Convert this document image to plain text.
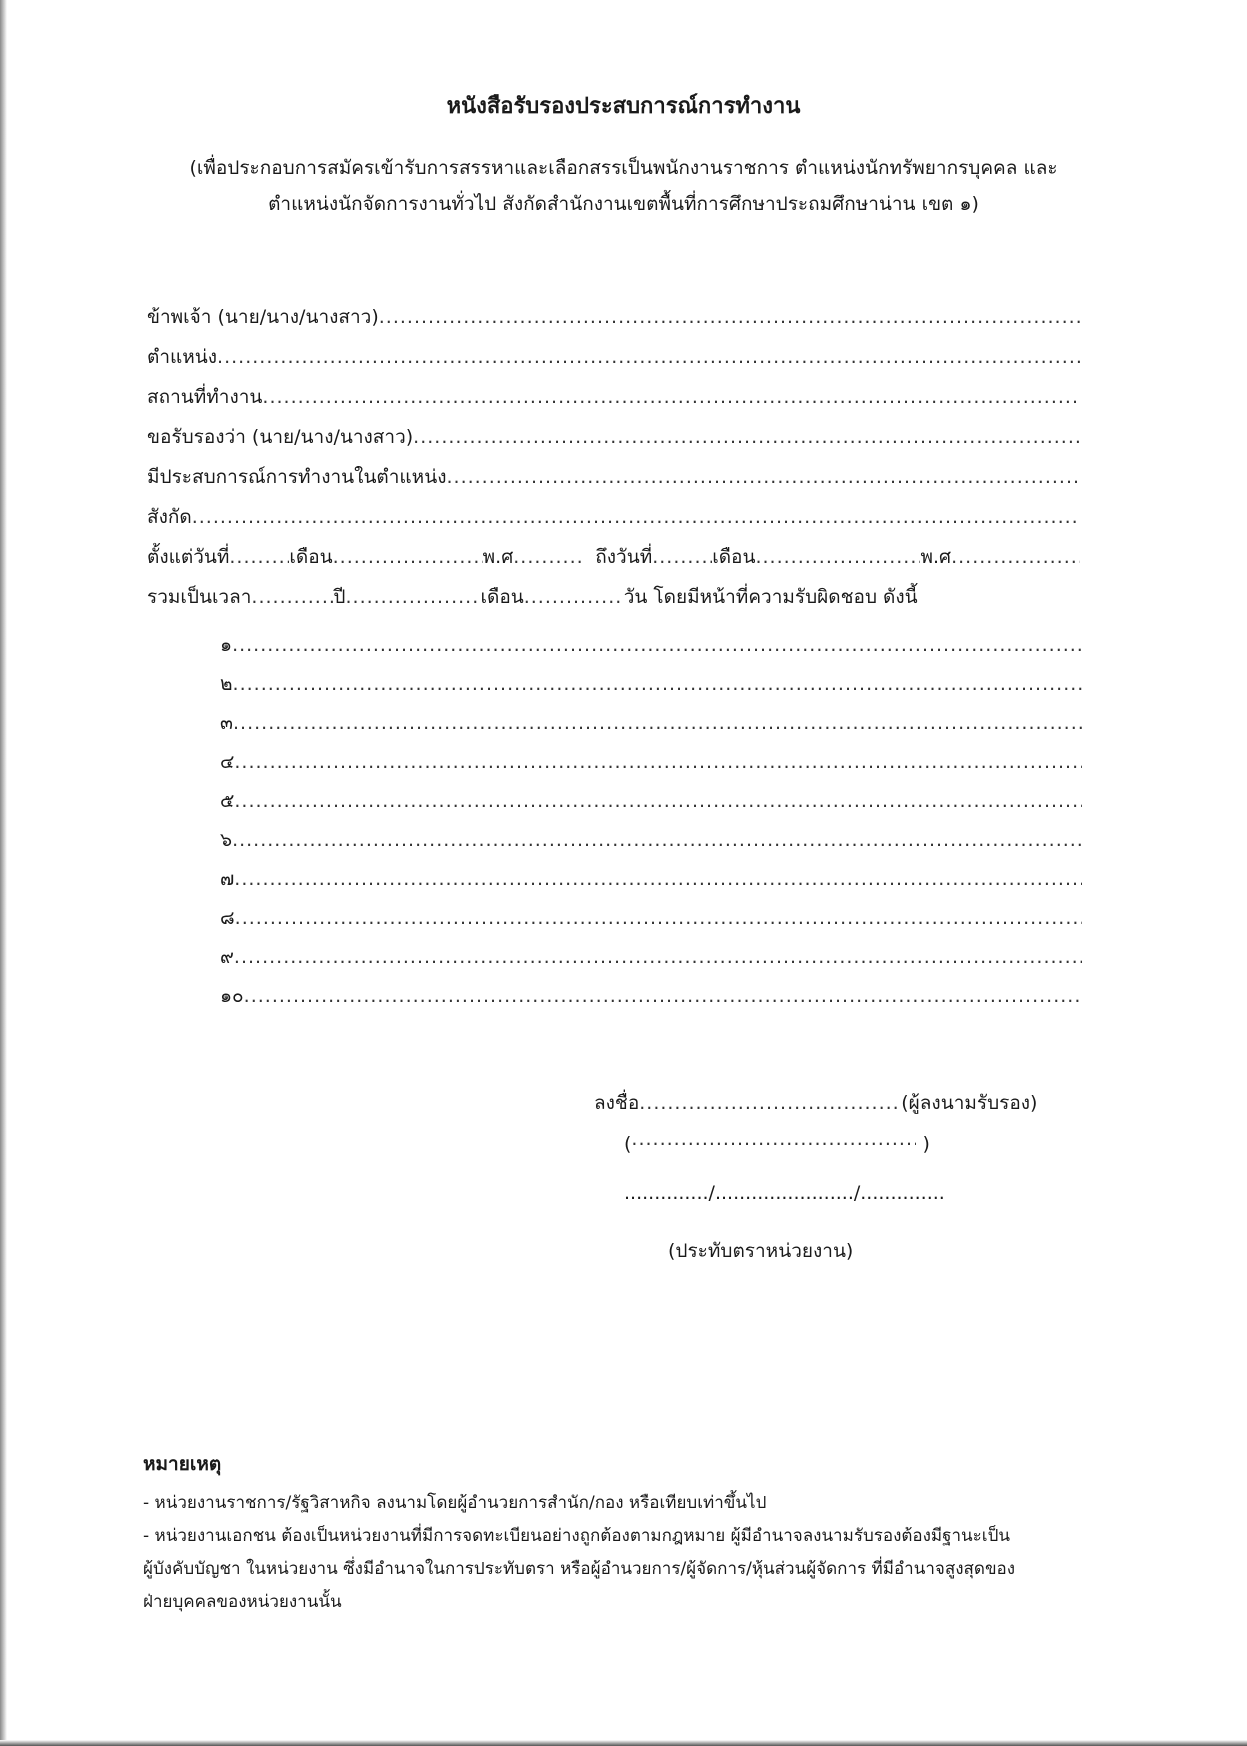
หนังสือรับรองประสบการณ์การทำงาน
(เพื่อประกอบการสมัครเข้ารับการสรรหาและเลือกสรรเป็นพนักงานราชการ ตำแหน่งนักทรัพยากรบุคคล และ
ตำแหน่งนักจัดการงานทั่วไป สังกัดสำนักงานเขตพื้นที่การศึกษาประถมศึกษาน่าน เขต ๑)
ข้าพเจ้า (นาย/นาง/นางสาว)
.....
ตำแหน่ง
.....
สถานที่ทำงาน
.....
ขอรับรองว่า (นาย/นาง/นางสาว)
.....
มีประสบการณ์การทำงานในตำแหน่ง
.....
สังกัด
.....
ตั้งแต่วันที่ .....	เดือน .....	พ.ศ .....	ถึงวันที่ .....	เดือน .....	พ.ศ
.....
รวมเป็นเวลา .....	ปี .....	เดือน .....	วัน โดยมีหน้าที่ความรับผิดชอบ ดังนี้
๑
.....
๒
.....
๓
.....
๔
.....
๕
.....
๖
.....
๗
.....
๘
.....
๙
.....
๑๐
.....
ลงชื่อ .....	(ผู้ลงนามรับรอง)
( .....	)
............../......................./..............
(ประทับตราหน่วยงาน)
หมายเหตุ

- หน่วยงานราชการ/รัฐวิสาหกิจ ลงนามโดยผู้อำนวยการสำนัก/กอง หรือเทียบเท่าขึ้นไป

- หน่วยงานเอกชน ต้องเป็นหน่วยงานที่มีการจดทะเบียนอย่างถูกต้องตามกฎหมาย ผู้มีอำนาจลงนามรับรองต้องมีฐานะเป็น

ผู้บังคับบัญชา ในหน่วยงาน ซึ่งมีอำนาจในการประทับตรา หรือผู้อำนวยการ/ผู้จัดการ/หุ้นส่วนผู้จัดการ ที่มีอำนาจสูงสุดของ

ฝ่ายบุคคลของหน่วยงานนั้น
